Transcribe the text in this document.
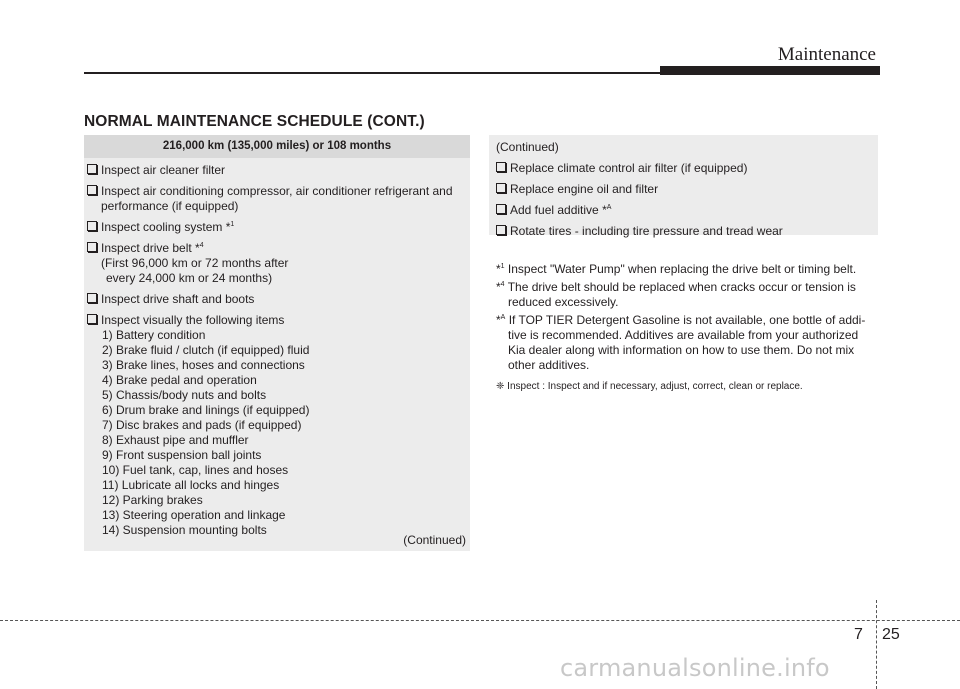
Maintenance
NORMAL MAINTENANCE SCHEDULE (CONT.)
216,000 km (135,000 miles) or 108 months
Inspect air cleaner filter
Inspect air conditioning compressor, air conditioner refrigerant and
performance (if equipped)
Inspect cooling system *$^1$
Inspect drive belt *$^4$
(First 96,000 km or 72 months after
every 24,000 km or 24 months)
Inspect drive shaft and boots
Inspect visually the following items
1) Battery condition
2) Brake fluid / clutch (if equipped) fluid
3) Brake lines, hoses and connections
4) Brake pedal and operation
5) Chassis/body nuts and bolts
6) Drum brake and linings (if equipped)
7) Disc brakes and pads (if equipped)
8) Exhaust pipe and muffler
9) Front suspension ball joints
10) Fuel tank, cap, lines and hoses
11) Lubricate all locks and hinges
12) Parking brakes
13) Steering operation and linkage
14) Suspension mounting bolts
(Continued)
(Continued)
Replace climate control air filter (if equipped)
Replace engine oil and filter
Add fuel additive *$^A$
Rotate tires - including tire pressure and tread wear
*$^1$ Inspect "Water Pump" when replacing the drive belt or timing belt.
*$^4$ The drive belt should be replaced when cracks occur or tension is
reduced excessively.
*$^A$ If TOP TIER Detergent Gasoline is not available, one bottle of addi-
tive is recommended. Additives are available from your authorized
Kia dealer along with information on how to use them. Do not mix
other additives.
❈ Inspect : Inspect and if necessary, adjust, correct, clean or replace.
7 25
carmanualsonline.info
